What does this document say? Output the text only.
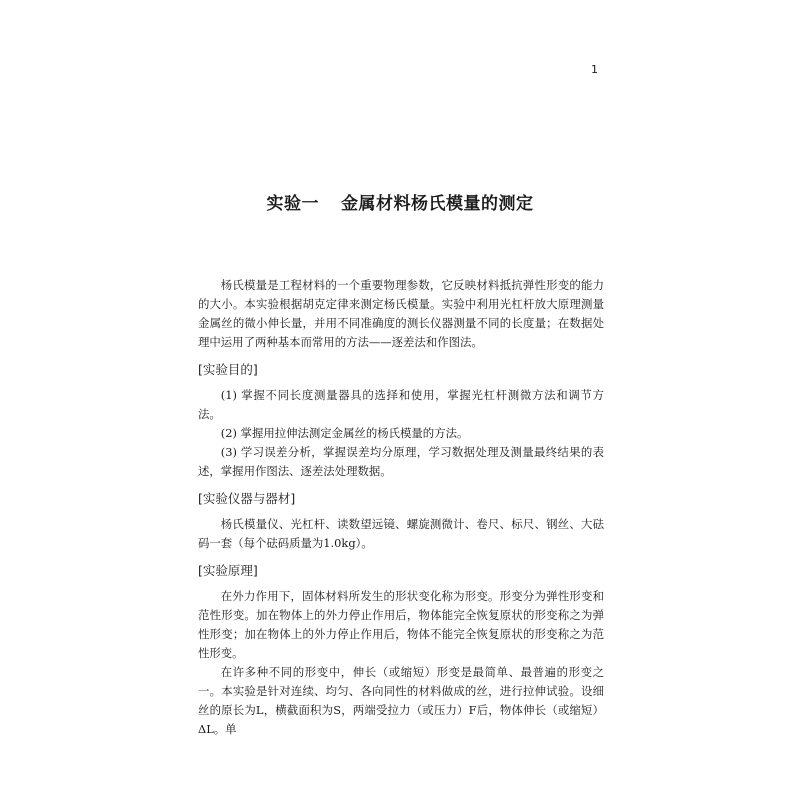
1
实验一 金属材料杨氏模量的测定

杨氏模量是工程材料的一个重要物理参数，它反映材料抵抗弹性形变的能力的大小。本实验根据胡克定律来测定杨氏模量。实验中利用光杠杆放大原理测量金属丝的微小伸长量，并用不同准确度的测长仪器测量不同的长度量；在数据处理中运用了两种基本而常用的方法——逐差法和作图法。

[实验目的]

(1) 掌握不同长度测量器具的选择和使用，掌握光杠杆测微方法和调节方法。

(2) 掌握用拉伸法测定金属丝的杨氏模量的方法。

(3) 学习误差分析，掌握误差均分原理，学习数据处理及测量最终结果的表述，掌握用作图法、逐差法处理数据。

[实验仪器与器材]

杨氏模量仪、光杠杆、读数望远镜、螺旋测微计、卷尺、标尺、钢丝、大砝码一套（每个砝码质量为1.0kg）。

[实验原理]

在外力作用下，固体材料所发生的形状变化称为形变。形变分为弹性形变和范性形变。加在物体上的外力停止作用后，物体能完全恢复原状的形变称之为弹性形变；加在物体上的外力停止作用后，物体不能完全恢复原状的形变称之为范性形变。

在许多种不同的形变中，伸长（或缩短）形变是最简单、最普遍的形变之一。本实验是针对连续、均匀、各向同性的材料做成的丝，进行拉伸试验。设细丝的原长为L，横截面积为S，两端受拉力（或压力）F后，物体伸长（或缩短）ΔL。单
